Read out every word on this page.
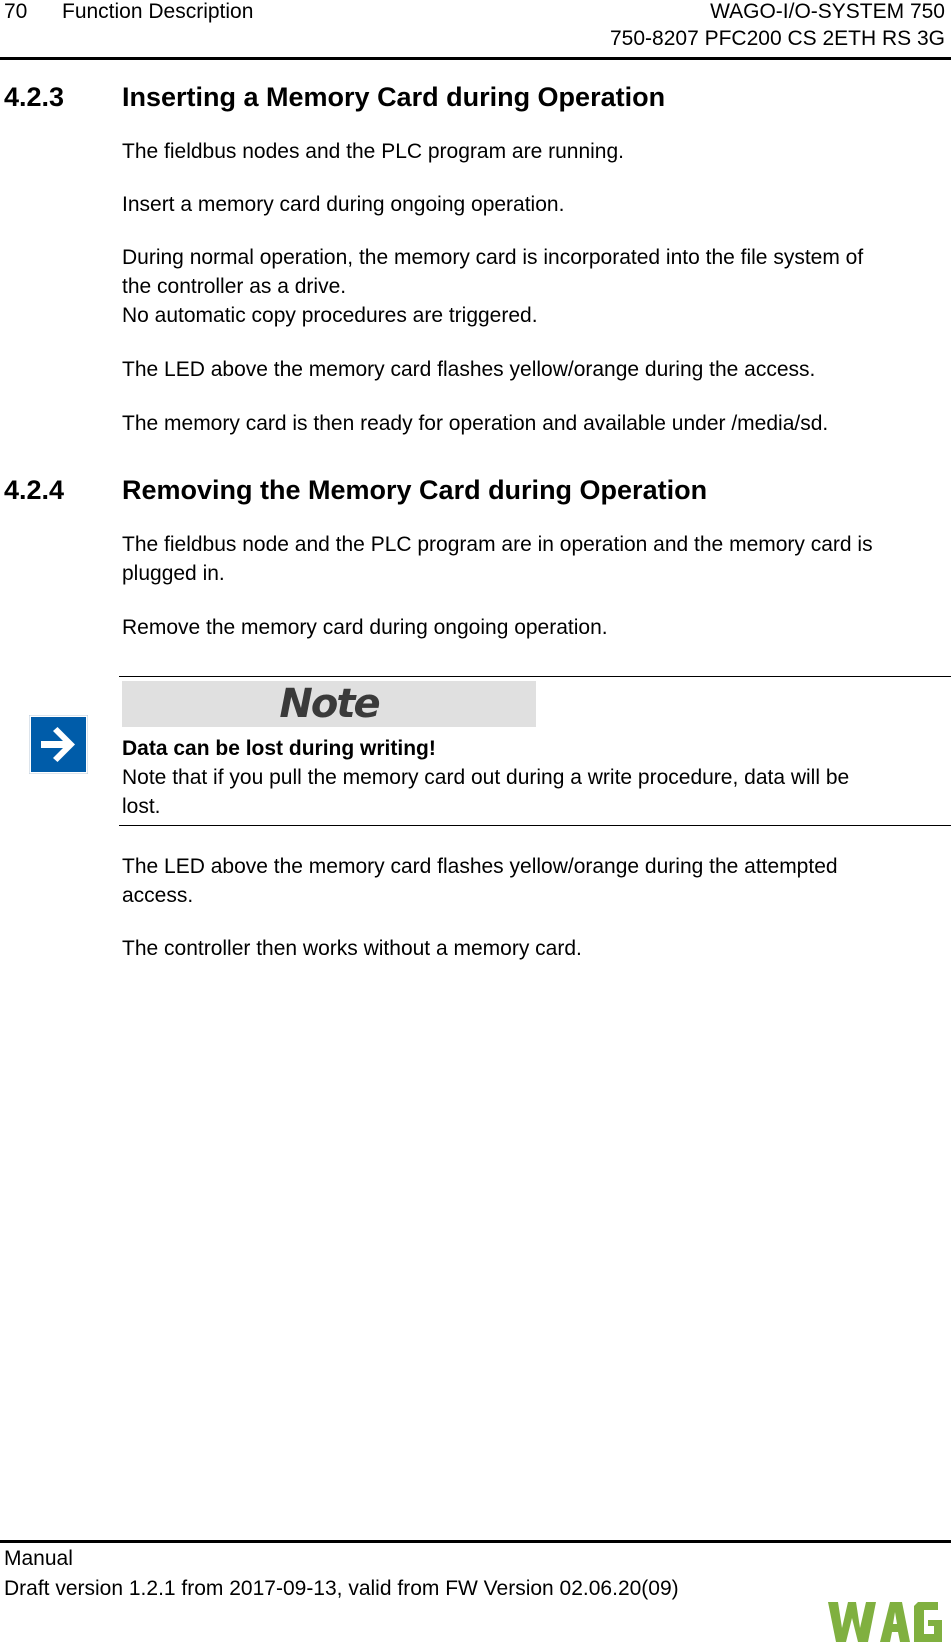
70 Function Description	WAGO-I/O-SYSTEM 750
750-8207 PFC200 CS 2ETH RS 3G
4.2.3 Inserting a Memory Card during Operation
The fieldbus nodes and the PLC program are running.
Insert a memory card during ongoing operation.
During normal operation, the memory card is incorporated into the file system of
the controller as a drive.
No automatic copy procedures are triggered.
The LED above the memory card flashes yellow/orange during the access.
The memory card is then ready for operation and available under /media/sd.
4.2.4 Removing the Memory Card during Operation
The fieldbus node and the PLC program are in operation and the memory card is
plugged in.
Remove the memory card during ongoing operation.
Note
Data can be lost during writing!
Note that if you pull the memory card out during a write procedure, data will be
lost.
The LED above the memory card flashes yellow/orange during the attempted
access.
The controller then works without a memory card.
Manual
Draft version 1.2.1 from 2017-09-13, valid from FW Version 02.06.20(09)
